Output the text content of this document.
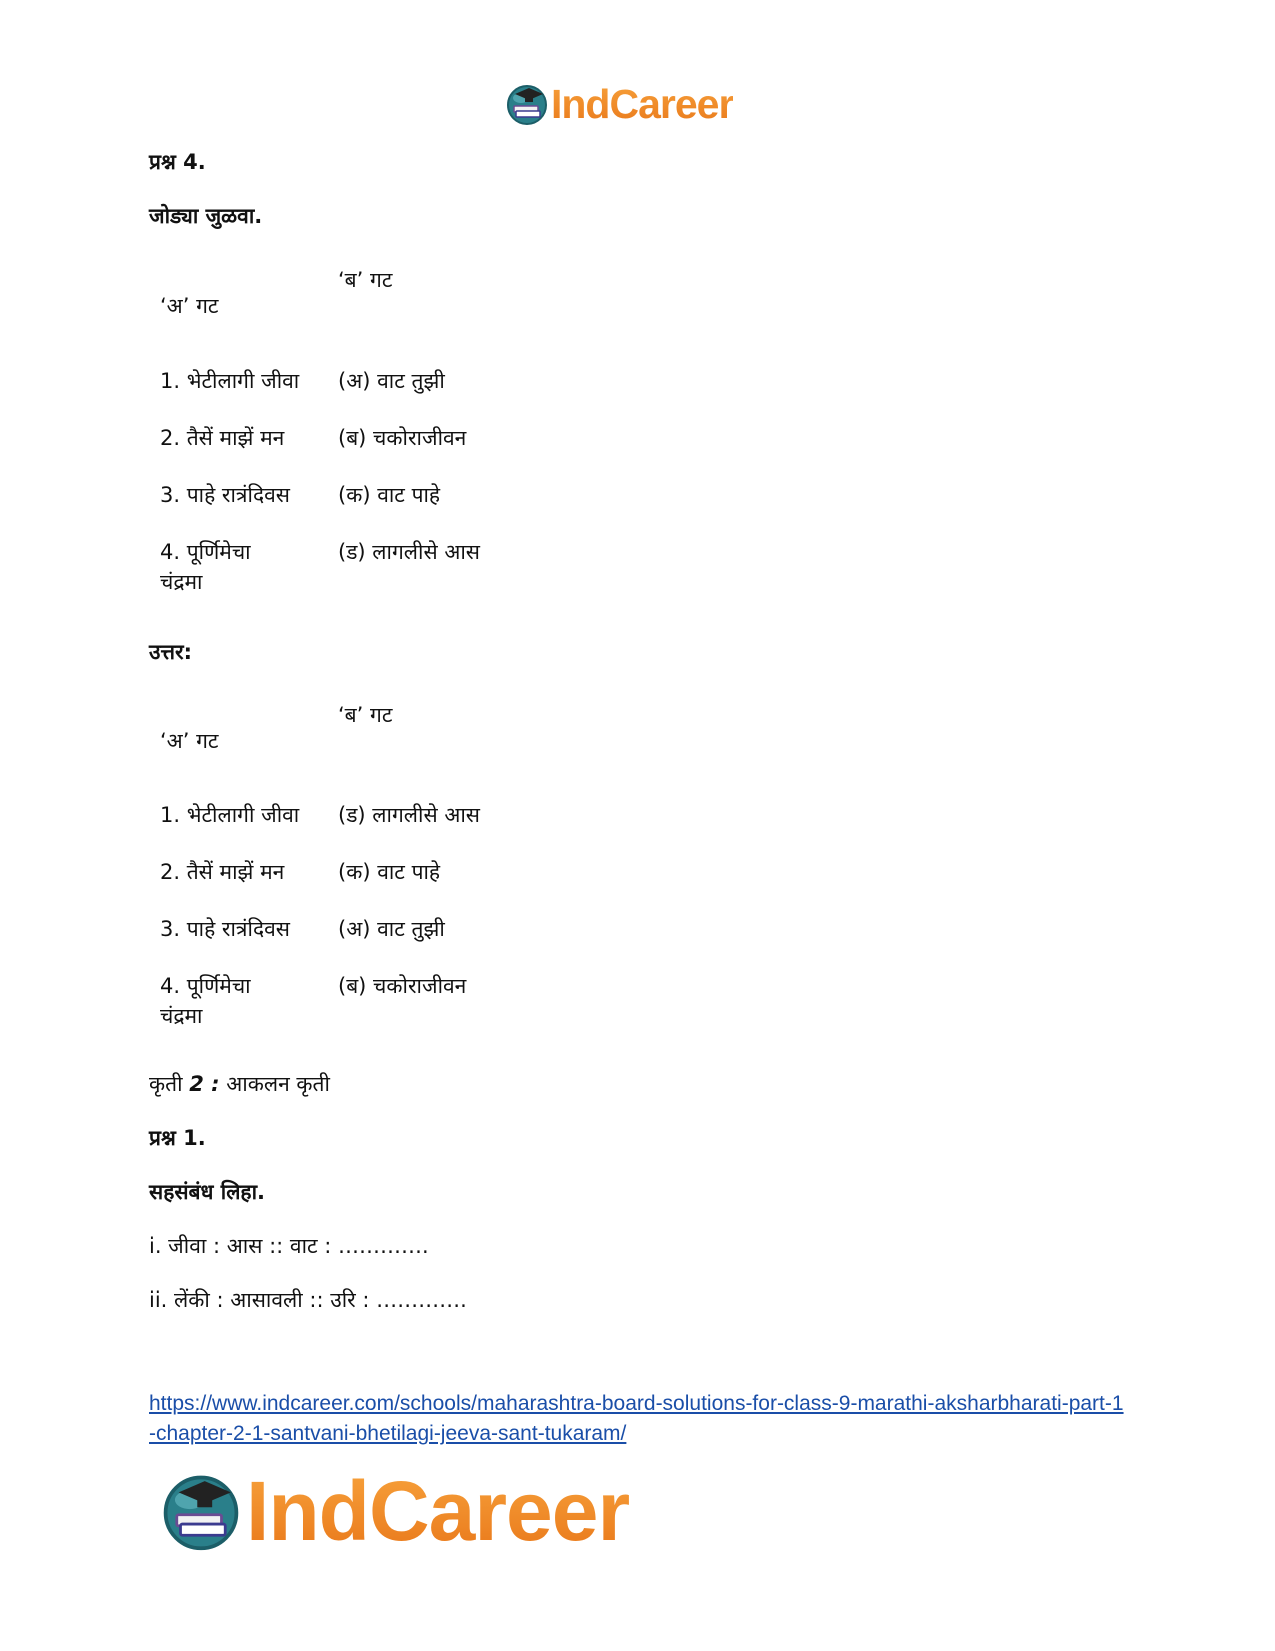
IndCareer
प्रश्न 4.
जोड्या जुळवा.
‘ब’ गट
‘अ’ गट
1. भेटीलागी जीवा (अ) वाट तुझी
2. तैसें माझें मन	(ब) चकोराजीवन
3. पाहे रात्रंदिवस (क) वाट पाहे
4. पूर्णिमेचा
चंद्रमा
(ड) लागलीसे आस
उत्तर:
‘ब’ गट
‘अ’ गट
1. भेटीलागी जीवा (ड) लागलीसे आस
2. तैसें माझें मन	(क) वाट पाहे
3. पाहे रात्रंदिवस (अ) वाट तुझी
4. पूर्णिमेचा
चंद्रमा
(ब) चकोराजीवन
कृती 2 : आकलन कृती
प्रश्न 1.
सहसंबंध लिहा.
i. जीवा : आस :: वाट : ………….
ii. लेंकी : आसावली :: उरि : ………….
https://www.indcareer.com/schools/maharashtra-board-solutions-for-class-9-marathi-aksharbharati-part-1-chapter-2-1-santvani-bhetilagi-jeeva-sant-tukaram/
IndCareer
